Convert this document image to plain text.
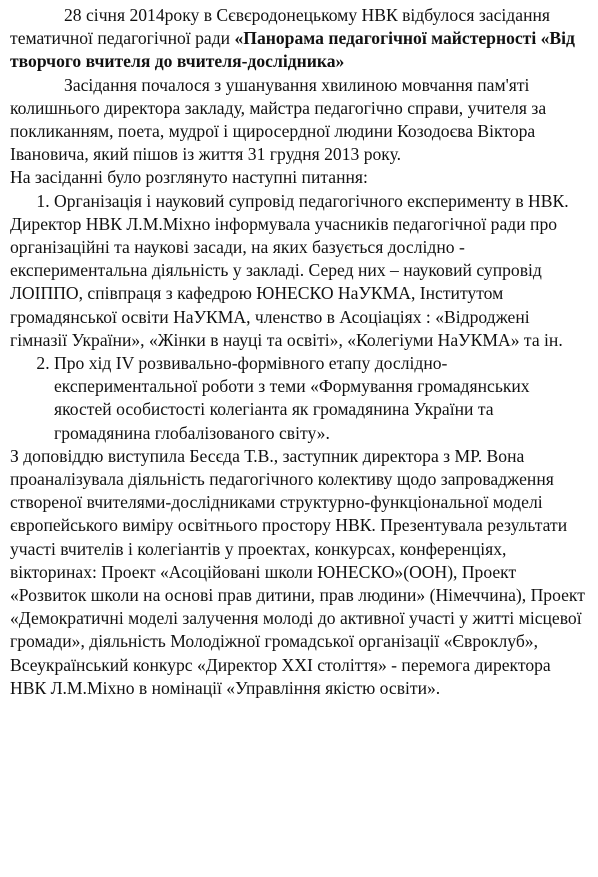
28 січня 2014року в Сєвєродонецькому НВК відбулося засідання тематичної педагогічної ради «Панорама педагогічної майстерності «Від творчого вчителя до вчителя-дослідника»

Засідання почалося з ушанування хвилиною мовчання пам'яті колишнього директора закладу, майстра педагогічно справи, учителя за покликанням, поета, мудрої і щиросердної людини Козодоєва Віктора Івановича, який пішов із життя 31 грудня 2013 року.

На засіданні було розглянуто наступні питання:

1. Організація і науковий супровід педагогічного експерименту в НВК.

Директор НВК Л.М.Міхно інформувала учасників педагогічної ради про організаційні та наукові засади, на яких базується дослідно - експериментальна діяльність у закладі. Серед них – науковий супровід ЛОІППО, співпраця з кафедрою ЮНЕСКО НаУКМА, Інститутом громадянської освіти НаУКМА, членство в Асоціаціях : «Відроджені гімназії України», «Жінки в науці та освіті», «Колегіуми НаУКМА» та ін.

2. Про хід IV розвивально-формівного етапу дослідно-експериментальної роботи з теми «Формування громадянських якостей особистості колегіанта як громадянина України та громадянина глобалізованого світу».

З доповіддю виступила Бесєда Т.В., заступник директора з МР. Вона проаналізувала діяльність педагогічного колективу щодо запровадження створеної вчителями-дослідниками структурно-функціональної моделі європейського виміру освітнього простору НВК. Презентувала результати участі вчителів і колегіантів у проектах, конкурсах, конференціях, вікторинах: Проект «Асоційовані школи ЮНЕСКО»(ООН), Проект «Розвиток школи на основі прав дитини, прав людини» (Німеччина), Проект «Демократичні моделі залучення молоді до активної участі у житті місцевої громади», діяльність Молодіжної громадської організації «Євроклуб», Всеукраїнський конкурс «Директор XXI століття» - перемога директора НВК Л.М.Міхно в номінації «Управління якістю освіти».
